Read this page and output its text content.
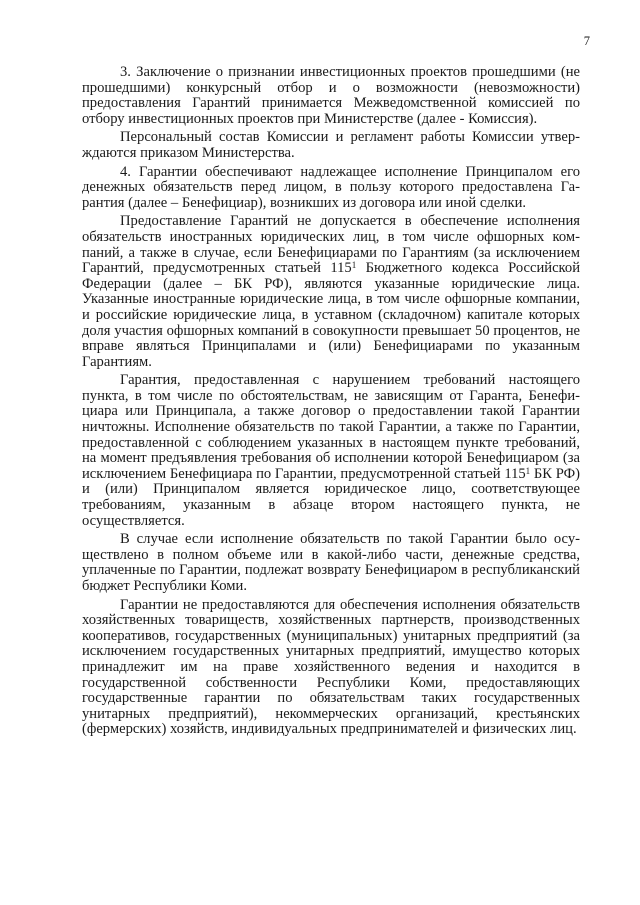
7

3. Заключение о признании инвестиционных проектов прошедшими (не прошедшими) конкурсный отбор и о возможности (невозможности) предоставления Гарантий принимается Межведомственной комиссией по отбору инвестиционных проектов при Министерстве (далее - Комиссия).

Персональный состав Комиссии и регламент работы Комиссии утверждаются приказом Министерства.

4. Гарантии обеспечивают надлежащее исполнение Принципалом его денежных обязательств перед лицом, в пользу которого предоставлена Гарантия (далее – Бенефициар), возникших из договора или иной сделки.

Предоставление Гарантий не допускается в обеспечение исполнения обязательств иностранных юридических лиц, в том числе офшорных компаний, а также в случае, если Бенефициарами по Гарантиям (за исключением Гарантий, предусмотренных статьей $115^1$ Бюджетного кодекса Российской Федерации (далее – БК РФ), являются указанные юридические лица. Указанные иностранные юридические лица, в том числе офшорные компании, и российские юридические лица, в уставном (складочном) капитале которых доля участия офшорных компаний в совокупности превышает 50 процентов, не вправе являться Принципалами и (или) Бенефициарами по указанным Гарантиям.

Гарантия, предоставленная с нарушением требований настоящего пункта, в том числе по обстоятельствам, не зависящим от Гаранта, Бенефициара или Принципала, а также договор о предоставлении такой Гарантии ничтожны. Исполнение обязательств по такой Гарантии, а также по Гарантии, предоставленной с соблюдением указанных в настоящем пункте требований, на момент предъявления требования об исполнении которой Бенефициаром (за исключением Бенефициара по Гарантии, предусмотренной статьей $115^1$ БК РФ) и (или) Принципалом является юридическое лицо, соответствующее требованиям, указанным в абзаце втором настоящего пункта, не осуществляется.

В случае если исполнение обязательств по такой Гарантии было осуществлено в полном объеме или в какой-либо части, денежные средства, уплаченные по Гарантии, подлежат возврату Бенефициаром в республиканский бюджет Республики Коми.

Гарантии не предоставляются для обеспечения исполнения обязательств хозяйственных товариществ, хозяйственных партнерств, производственных кооперативов, государственных (муниципальных) унитарных предприятий (за исключением государственных унитарных предприятий, имущество которых принадлежит им на праве хозяйственного ведения и находится в государственной собственности Республики Коми, предоставляющих государственные гарантии по обязательствам таких государственных унитарных предприятий), некоммерческих организаций, крестьянских (фермерских) хозяйств, индивидуальных предпринимателей и физических лиц.
